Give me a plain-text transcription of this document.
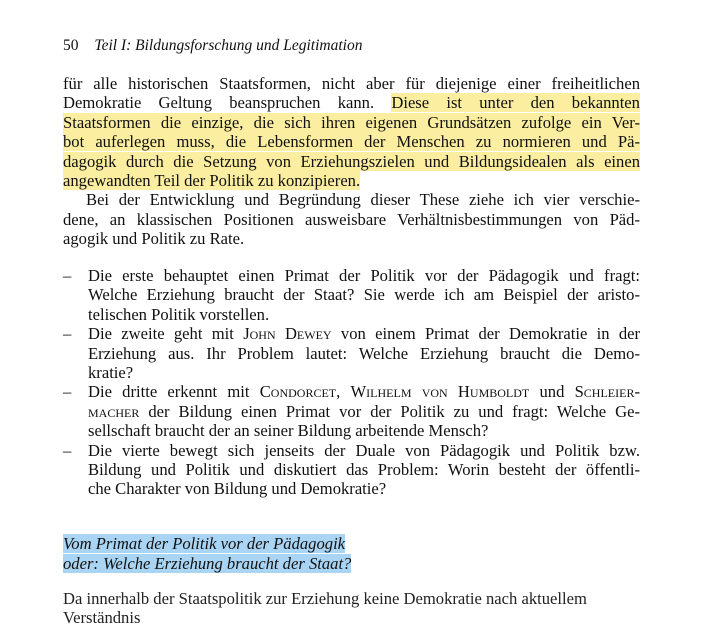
50 Teil I: Bildungsforschung und Legitimation
für alle historischen Staatsformen, nicht aber für diejenige einer freiheitlichen
Demokratie Geltung beanspruchen kann. Diese ist unter den bekannten
Staatsformen die einzige, die sich ihren eigenen Grundsätzen zufolge ein Ver-
bot auferlegen muss, die Lebensformen der Menschen zu normieren und Pä-
dagogik durch die Setzung von Erziehungszielen und Bildungsidealen als einen
angewandten Teil der Politik zu konzipieren.
Bei der Entwicklung und Begründung dieser These ziehe ich vier verschie-
dene, an klassischen Positionen ausweisbare Verhältnisbestimmungen von Päd-
agogik und Politik zu Rate.
– Die erste behauptet einen Primat der Politik vor der Pädagogik und fragt:
Welche Erziehung braucht der Staat? Sie werde ich am Beispiel der aristo-
telischen Politik vorstellen.
– Die zweite geht mit John Dewey von einem Primat der Demokratie in der
Erziehung aus. Ihr Problem lautet: Welche Erziehung braucht die Demo-
kratie?
– Die dritte erkennt mit Condorcet, Wilhelm von Humboldt und Schleier-
macher der Bildung einen Primat vor der Politik zu und fragt: Welche Ge-
sellschaft braucht der an seiner Bildung arbeitende Mensch?
– Die vierte bewegt sich jenseits der Duale von Pädagogik und Politik bzw.
Bildung und Politik und diskutiert das Problem: Worin besteht der öffentli-
che Charakter von Bildung und Demokratie?
Vom Primat der Politik vor der Pädagogik
oder: Welche Erziehung braucht der Staat?
Da innerhalb der Staatspolitik zur Erziehung keine Demokratie nach aktuellem Verständnis
